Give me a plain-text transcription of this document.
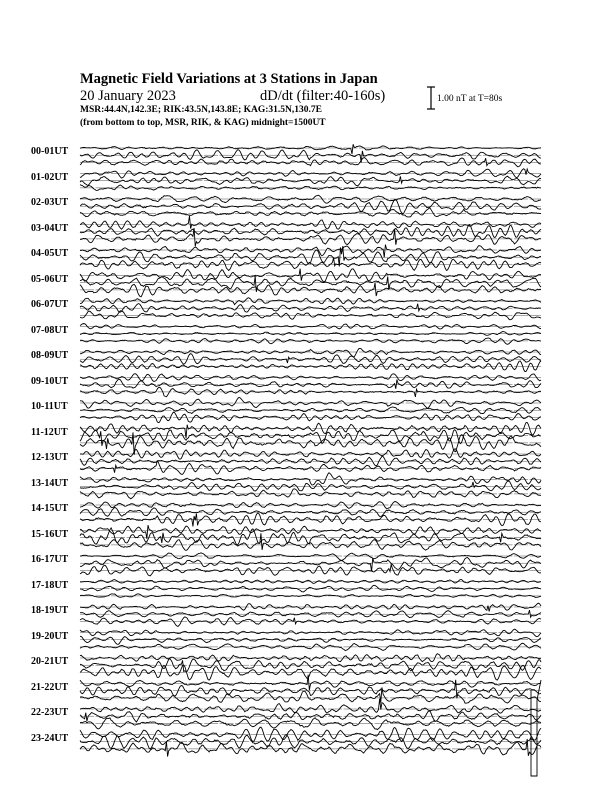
Magnetic Field Variations at 3 Stations in Japan
20 January 2023	dD/dt (filter:40-160s)
MSR:44.4N,142.3E; RIK:43.5N,143.8E; KAG:31.5N,130.7E
(from bottom to top, MSR, RIK, & KAG) midnight=1500UT
1.00 nT at T=80s
00-01UT
01-02UT
02-03UT
03-04UT
04-05UT
05-06UT
06-07UT
07-08UT
08-09UT
09-10UT
10-11UT
11-12UT
12-13UT
13-14UT
14-15UT
15-16UT
16-17UT
17-18UT
18-19UT
19-20UT
20-21UT
21-22UT
22-23UT
23-24UT
